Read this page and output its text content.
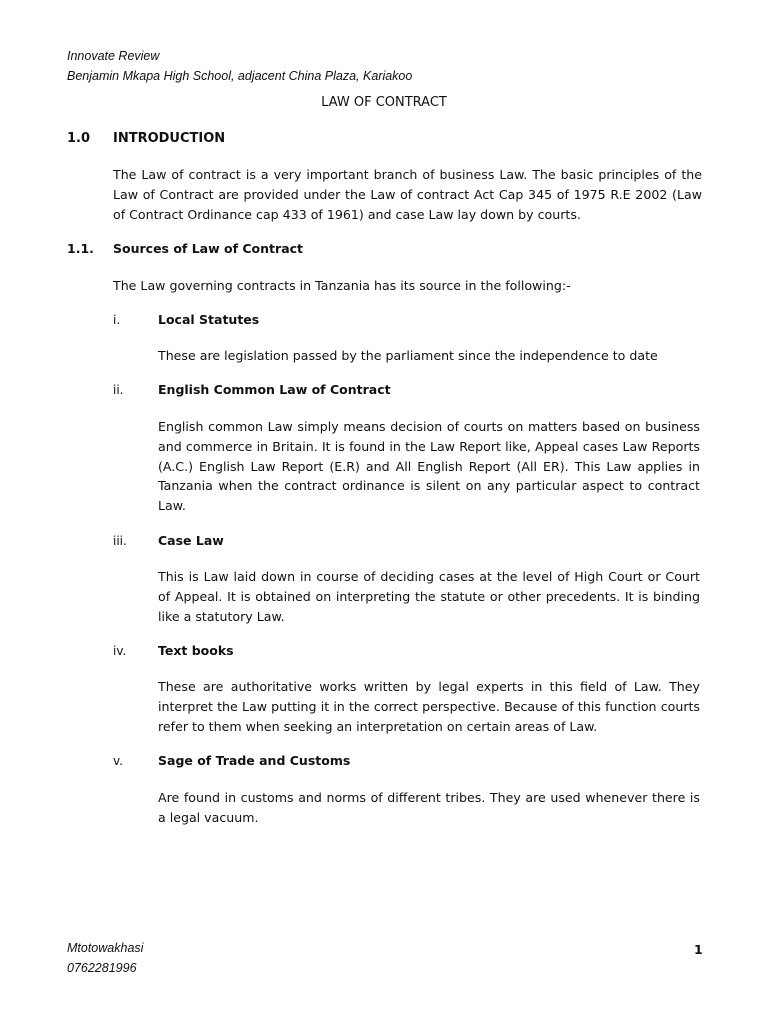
Innovate Review
Benjamin Mkapa High School, adjacent China Plaza, Kariakoo
LAW OF CONTRACT
1.0 INTRODUCTION
The Law of contract is a very important branch of business Law. The basic principles of the Law of Contract are provided under the Law of contract Act Cap 345 of 1975 R.E 2002 (Law of Contract Ordinance cap 433 of 1961) and case Law lay down by courts.
1.1. Sources of Law of Contract
The Law governing contracts in Tanzania has its source in the following:-
i.	Local Statutes
These are legislation passed by the parliament since the independence to date
ii.	English Common Law of Contract
English common Law simply means decision of courts on matters based on business and commerce in Britain. It is found in the Law Report like, Appeal cases Law Reports (A.C.) English Law Report (E.R) and All English Report (All ER). This Law applies in Tanzania when the contract ordinance is silent on any particular aspect to contract Law.
iii. Case Law
This is Law laid down in course of deciding cases at the level of High Court or Court of Appeal. It is obtained on interpreting the statute or other precedents. It is binding like a statutory Law.
iv.	Text books
These are authoritative works written by legal experts in this field of Law. They interpret the Law putting it in the correct perspective. Because of this function courts refer to them when seeking an interpretation on certain areas of Law.
v.	Sage of Trade and Customs
Are found in customs and norms of different tribes. They are used whenever there is a legal vacuum.
Mtotowakhasi
0762281996
1
